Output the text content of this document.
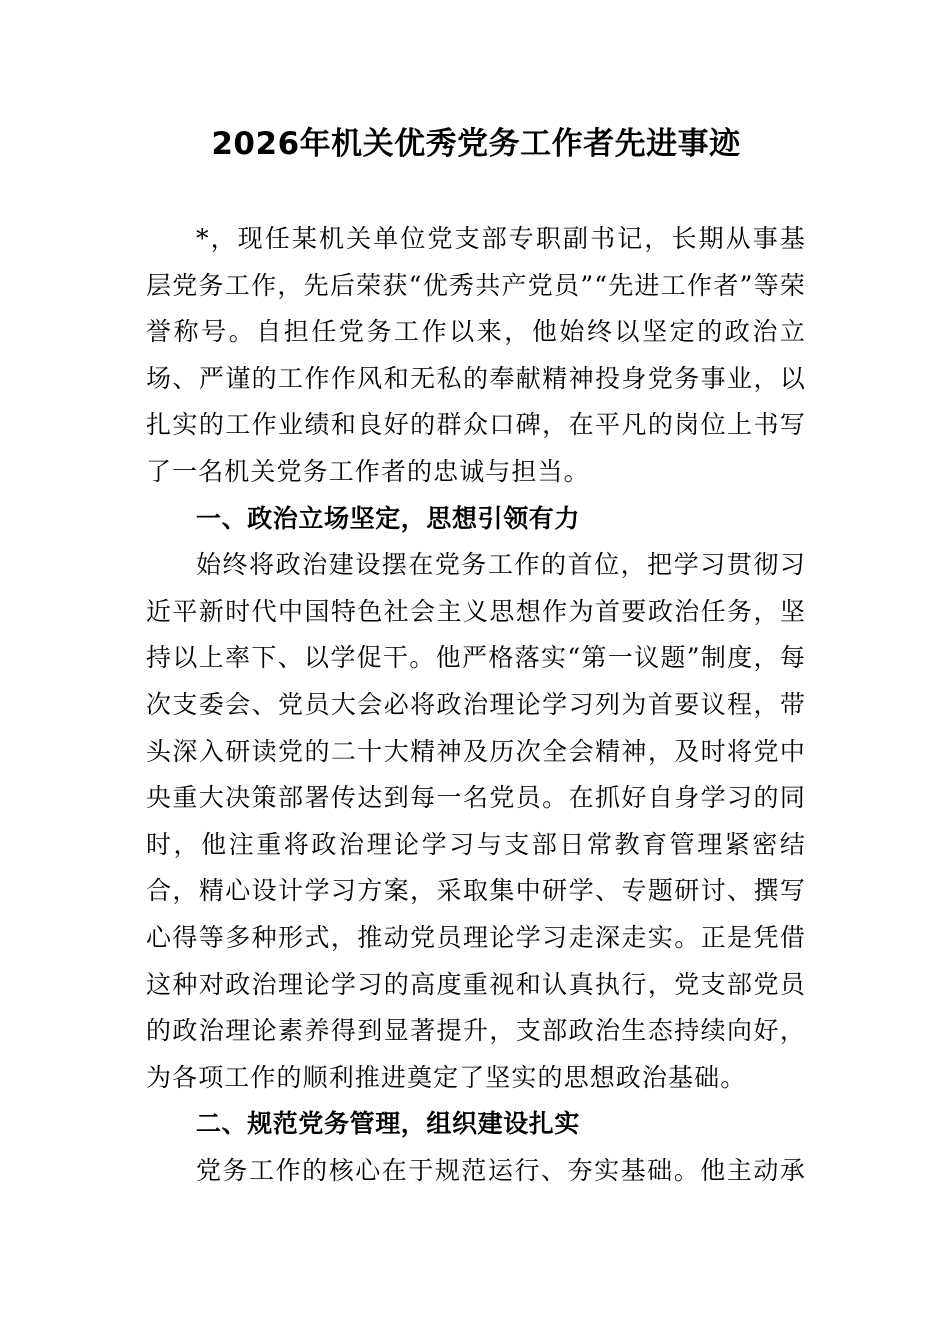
2026年机关优秀党务工作者先进事迹

*，现任某机关单位党支部专职副书记，长期从事基层党务工作，先后荣获“优秀共产党员”“先进工作者”等荣誉称号。自担任党务工作以来，他始终以坚定的政治立场、严谨的工作作风和无私的奉献精神投身党务事业，以扎实的工作业绩和良好的群众口碑，在平凡的岗位上书写了一名机关党务工作者的忠诚与担当。

一、政治立场坚定，思想引领有力

始终将政治建设摆在党务工作的首位，把学习贯彻习近平新时代中国特色社会主义思想作为首要政治任务，坚持以上率下、以学促干。他严格落实“第一议题”制度，每次支委会、党员大会必将政治理论学习列为首要议程，带头深入研读党的二十大精神及历次全会精神，及时将党中央重大决策部署传达到每一名党员。在抓好自身学习的同时，他注重将政治理论学习与支部日常教育管理紧密结合，精心设计学习方案，采取集中研学、专题研讨、撰写心得等多种形式，推动党员理论学习走深走实。正是凭借这种对政治理论学习的高度重视和认真执行，党支部党员的政治理论素养得到显著提升，支部政治生态持续向好，为各项工作的顺利推进奠定了坚实的思想政治基础。

二、规范党务管理，组织建设扎实

党务工作的核心在于规范运行、夯实基础。他主动承
